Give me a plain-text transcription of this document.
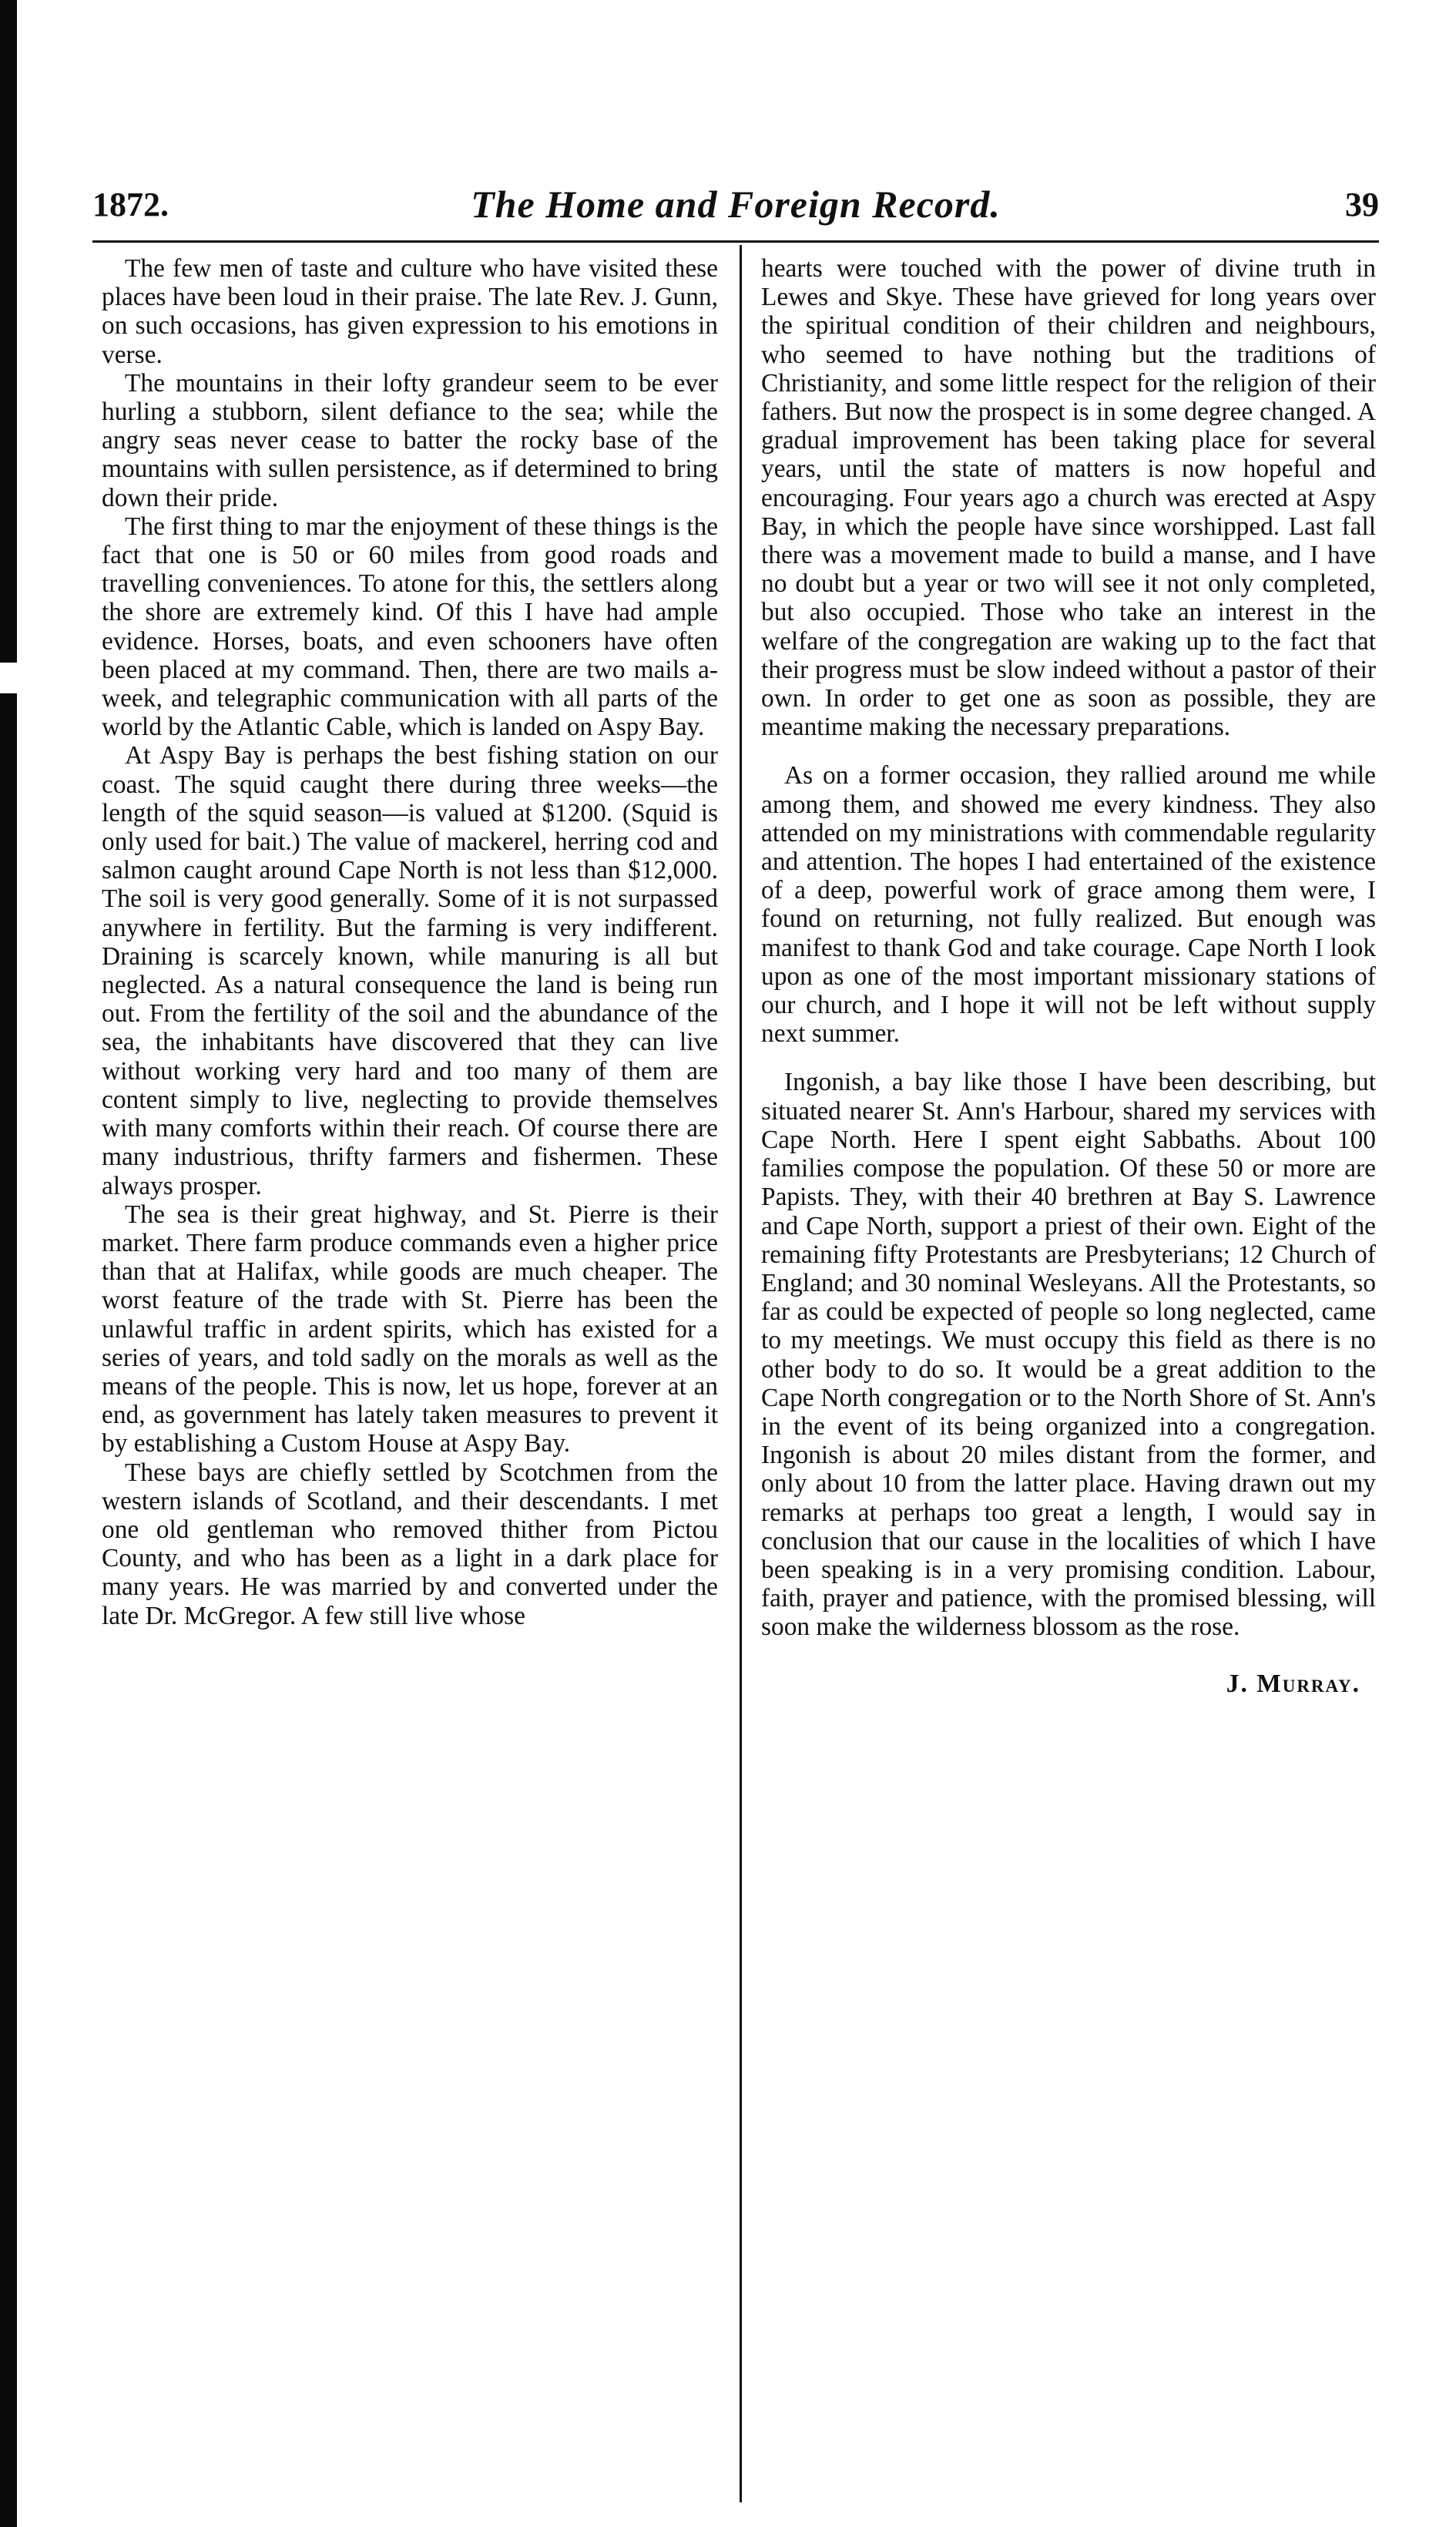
1872.	The Home and Foreign Record.	39

The few men of taste and culture who have visited these places have been loud in their praise. The late Rev. J. Gunn, on such occasions, has given expression to his emotions in verse.

The mountains in their lofty grandeur seem to be ever hurling a stubborn, silent defiance to the sea; while the angry seas never cease to batter the rocky base of the mountains with sullen persistence, as if determined to bring down their pride.

The first thing to mar the enjoyment of these things is the fact that one is 50 or 60 miles from good roads and travelling conveniences. To atone for this, the settlers along the shore are extremely kind. Of this I have had ample evidence. Horses, boats, and even schooners have often been placed at my command. Then, there are two mails a-week, and telegraphic communication with all parts of the world by the Atlantic Cable, which is landed on Aspy Bay.

At Aspy Bay is perhaps the best fishing station on our coast. The squid caught there during three weeks—the length of the squid season—is valued at $1200. (Squid is only used for bait.) The value of mackerel, herring cod and salmon caught around Cape North is not less than $12,000. The soil is very good generally. Some of it is not surpassed anywhere in fertility. But the farming is very indifferent. Draining is scarcely known, while manuring is all but neglected. As a natural consequence the land is being run out. From the fertility of the soil and the abundance of the sea, the inhabitants have discovered that they can live without working very hard and too many of them are content simply to live, neglecting to provide themselves with many comforts within their reach. Of course there are many industrious, thrifty farmers and fishermen. These always prosper.

The sea is their great highway, and St. Pierre is their market. There farm produce commands even a higher price than that at Halifax, while goods are much cheaper. The worst feature of the trade with St. Pierre has been the unlawful traffic in ardent spirits, which has existed for a series of years, and told sadly on the morals as well as the means of the people. This is now, let us hope, forever at an end, as government has lately taken measures to prevent it by establishing a Custom House at Aspy Bay.

These bays are chiefly settled by Scotchmen from the western islands of Scotland, and their descendants. I met one old gentleman who removed thither from Pictou County, and who has been as a light in a dark place for many years. He was married by and converted under the late Dr. McGregor. A few still live whose

hearts were touched with the power of divine truth in Lewes and Skye. These have grieved for long years over the spiritual condition of their children and neighbours, who seemed to have nothing but the traditions of Christianity, and some little respect for the religion of their fathers. But now the prospect is in some degree changed. A gradual improvement has been taking place for several years, until the state of matters is now hopeful and encouraging. Four years ago a church was erected at Aspy Bay, in which the people have since worshipped. Last fall there was a movement made to build a manse, and I have no doubt but a year or two will see it not only completed, but also occupied. Those who take an interest in the welfare of the congregation are waking up to the fact that their progress must be slow indeed without a pastor of their own. In order to get one as soon as possible, they are meantime making the necessary preparations.

As on a former occasion, they rallied around me while among them, and showed me every kindness. They also attended on my ministrations with commendable regularity and attention. The hopes I had entertained of the existence of a deep, powerful work of grace among them were, I found on returning, not fully realized. But enough was manifest to thank God and take courage. Cape North I look upon as one of the most important missionary stations of our church, and I hope it will not be left without supply next summer.

Ingonish, a bay like those I have been describing, but situated nearer St. Ann's Harbour, shared my services with Cape North. Here I spent eight Sabbaths. About 100 families compose the population. Of these 50 or more are Papists. They, with their 40 brethren at Bay S. Lawrence and Cape North, support a priest of their own. Eight of the remaining fifty Protestants are Presbyterians; 12 Church of England; and 30 nominal Wesleyans. All the Protestants, so far as could be expected of people so long neglected, came to my meetings. We must occupy this field as there is no other body to do so. It would be a great addition to the Cape North congregation or to the North Shore of St. Ann's in the event of its being organized into a congregation. Ingonish is about 20 miles distant from the former, and only about 10 from the latter place. Having drawn out my remarks at perhaps too great a length, I would say in conclusion that our cause in the localities of which I have been speaking is in a very promising condition. Labour, faith, prayer and patience, with the promised blessing, will soon make the wilderness blossom as the rose.

J. Murray.
